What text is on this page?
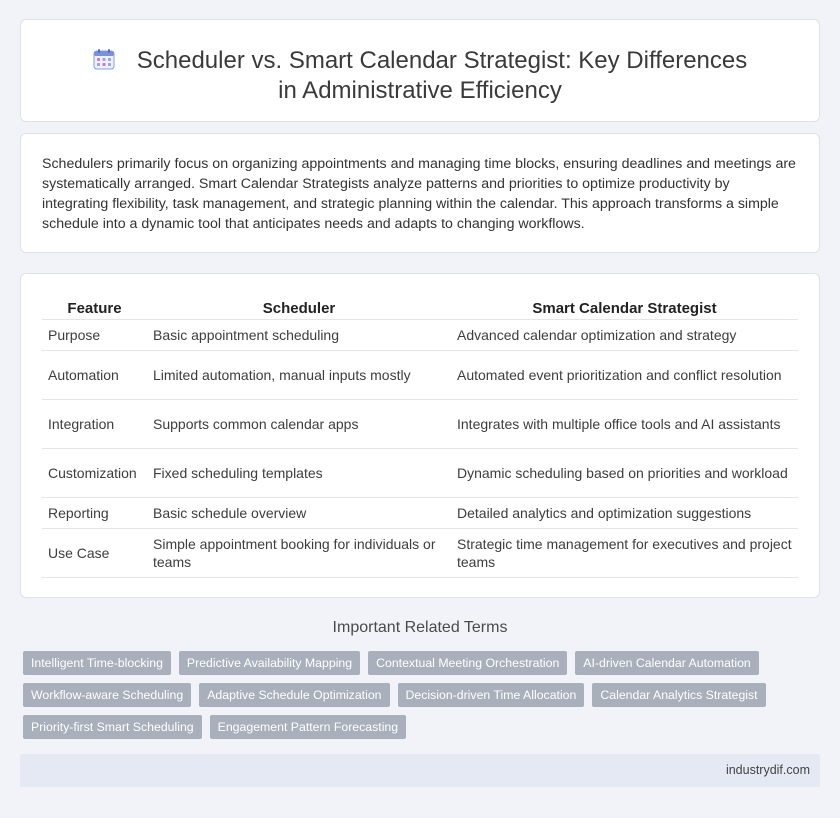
Scheduler vs. Smart Calendar Strategist: Key Differences in Administrative Efficiency

Schedulers primarily focus on organizing appointments and managing time blocks, ensuring deadlines and meetings are systematically arranged. Smart Calendar Strategists analyze patterns and priorities to optimize productivity by integrating flexibility, task management, and strategic planning within the calendar. This approach transforms a simple schedule into a dynamic tool that anticipates needs and adapts to changing workflows.

Feature	Scheduler	Smart Calendar Strategist
Purpose	Basic appointment scheduling	Advanced calendar optimization and strategy
Automation	Limited automation, manual inputs mostly	Automated event prioritization and conflict resolution
Integration	Supports common calendar apps	Integrates with multiple office tools and AI assistants
Customization	Fixed scheduling templates	Dynamic scheduling based on priorities and workload
Reporting	Basic schedule overview	Detailed analytics and optimization suggestions
Use Case	Simple appointment booking for individuals or teams	Strategic time management for executives and project teams
Important Related Terms
Intelligent Time-blocking	Predictive Availability Mapping	Contextual Meeting Orchestration	AI-driven Calendar Automation
Workflow-aware Scheduling	Adaptive Schedule Optimization	Decision-driven Time Allocation	Calendar Analytics Strategist
Priority-first Smart Scheduling	Engagement Pattern Forecasting
industrydif.com
